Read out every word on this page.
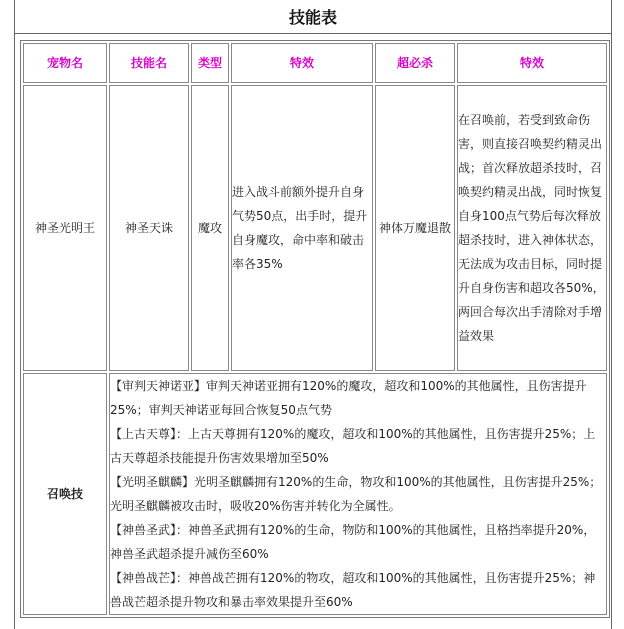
技能表
宠物名	技能名	类型	特效	超必杀	特效
神圣光明王	神圣天诛	魔攻	进入战斗前额外提升自身气势50点，出手时，提升自身魔攻，命中率和破击率各35%	神体万魔退散	在召唤前，若受到致命伤害，则直接召唤契约精灵出战；首次释放超杀技时，召唤契约精灵出战，同时恢复自身100点气势后每次释放超杀技时，进入神体状态，无法成为攻击目标，同时提升自身伤害和超攻各50%，两回合每次出手清除对手增益效果
召唤技	【审判天神诺亚】审判天神诺亚拥有120%的魔攻，超攻和100%的其他属性，且伤害提升25%；审判天神诺亚每回合恢复50点气势

【上古天尊】：上古天尊拥有120%的魔攻，超攻和100%的其他属性，且伤害提升25%；上古天尊超杀技能提升伤害效果增加至50%

【光明圣麒麟】光明圣麒麟拥有120%的生命，物攻和100%的其他属性，且伤害提升25%；光明圣麒麟被攻击时，吸收20%伤害并转化为全属性。

【神兽圣武】：神兽圣武拥有120%的生命，物防和100%的其他属性，且格挡率提升20%，神兽圣武超杀提升减伤至60%

【神兽战芒】：神兽战芒拥有120%的物攻，超攻和100%的其他属性，且伤害提升25%；神兽战芒超杀提升物攻和暴击率效果提升至60%				
